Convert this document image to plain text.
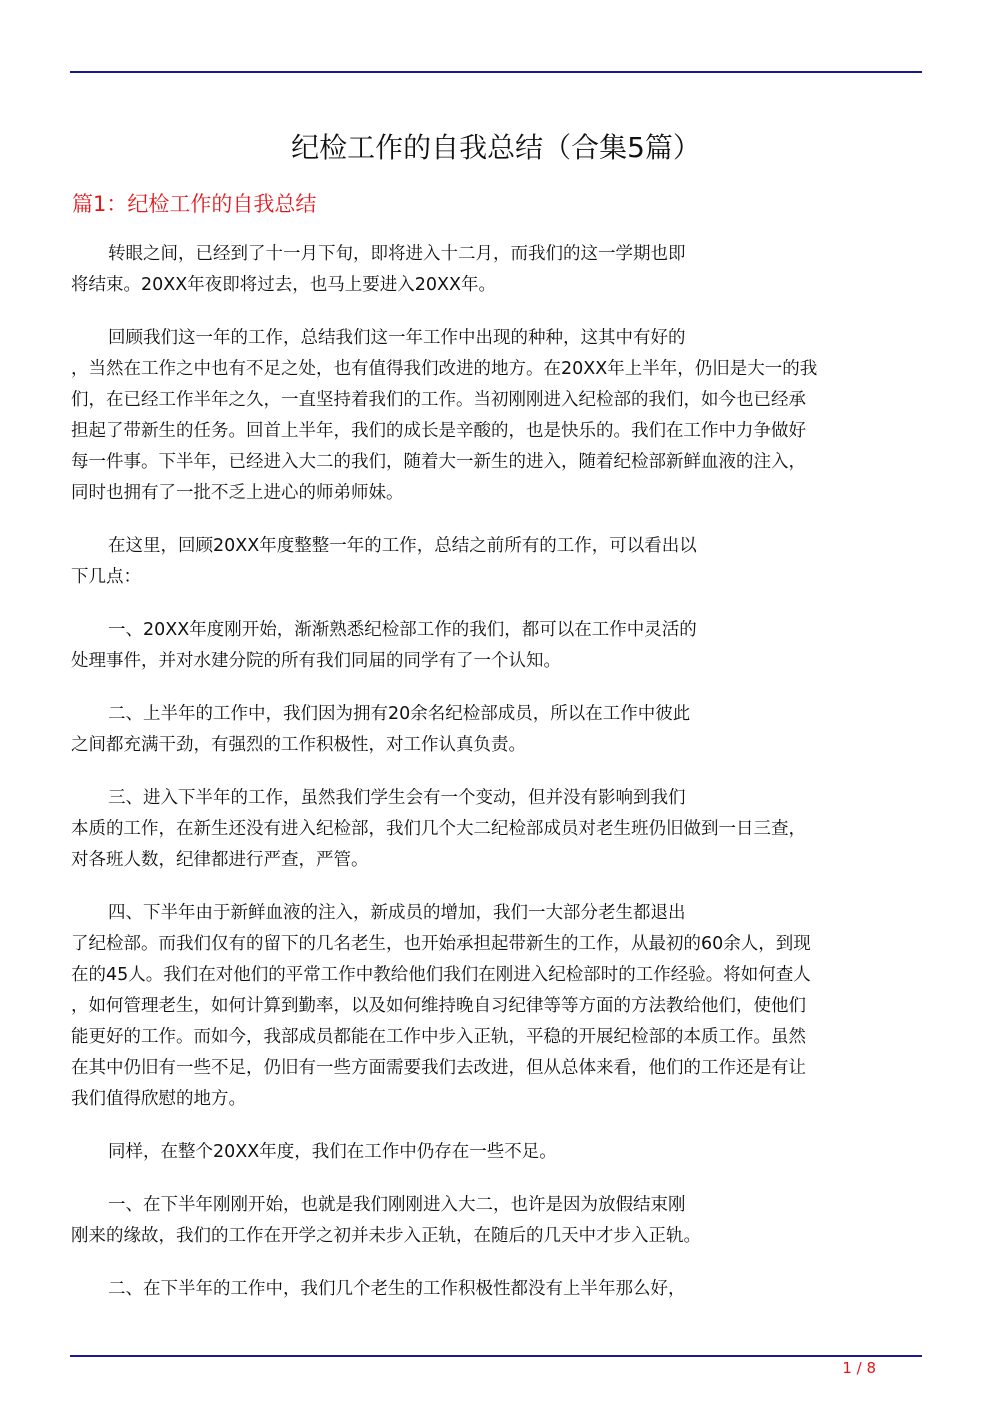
纪检工作的自我总结（合集5篇）
篇1：纪检工作的自我总结
转眼之间，已经到了十一月下旬，即将进入十二月，而我们的这一学期也即
将结束。20XX年夜即将过去，也马上要进入20XX年。
回顾我们这一年的工作，总结我们这一年工作中出现的种种，这其中有好的
，当然在工作之中也有不足之处，也有值得我们改进的地方。在20XX年上半年，仍旧是大一的我
们，在已经工作半年之久，一直坚持着我们的工作。当初刚刚进入纪检部的我们，如今也已经承
担起了带新生的任务。回首上半年，我们的成长是辛酸的，也是快乐的。我们在工作中力争做好
每一件事。下半年，已经进入大二的我们，随着大一新生的进入，随着纪检部新鲜血液的注入，
同时也拥有了一批不乏上进心的师弟师妹。
在这里，回顾20XX年度整整一年的工作，总结之前所有的工作，可以看出以
下几点：
一、20XX年度刚开始，渐渐熟悉纪检部工作的我们，都可以在工作中灵活的
处理事件，并对水建分院的所有我们同届的同学有了一个认知。
二、上半年的工作中，我们因为拥有20余名纪检部成员，所以在工作中彼此
之间都充满干劲，有强烈的工作积极性，对工作认真负责。
三、进入下半年的工作，虽然我们学生会有一个变动，但并没有影响到我们
本质的工作，在新生还没有进入纪检部，我们几个大二纪检部成员对老生班仍旧做到一日三查，
对各班人数，纪律都进行严查，严管。
四、下半年由于新鲜血液的注入，新成员的增加，我们一大部分老生都退出
了纪检部。而我们仅有的留下的几名老生，也开始承担起带新生的工作，从最初的60余人，到现
在的45人。我们在对他们的平常工作中教给他们我们在刚进入纪检部时的工作经验。将如何查人
，如何管理老生，如何计算到勤率，以及如何维持晚自习纪律等等方面的方法教给他们，使他们
能更好的工作。而如今，我部成员都能在工作中步入正轨，平稳的开展纪检部的本质工作。虽然
在其中仍旧有一些不足，仍旧有一些方面需要我们去改进，但从总体来看，他们的工作还是有让
我们值得欣慰的地方。
同样，在整个20XX年度，我们在工作中仍存在一些不足。
一、在下半年刚刚开始，也就是我们刚刚进入大二，也许是因为放假结束刚
刚来的缘故，我们的工作在开学之初并未步入正轨，在随后的几天中才步入正轨。
二、在下半年的工作中，我们几个老生的工作积极性都没有上半年那么好，
1 / 8
